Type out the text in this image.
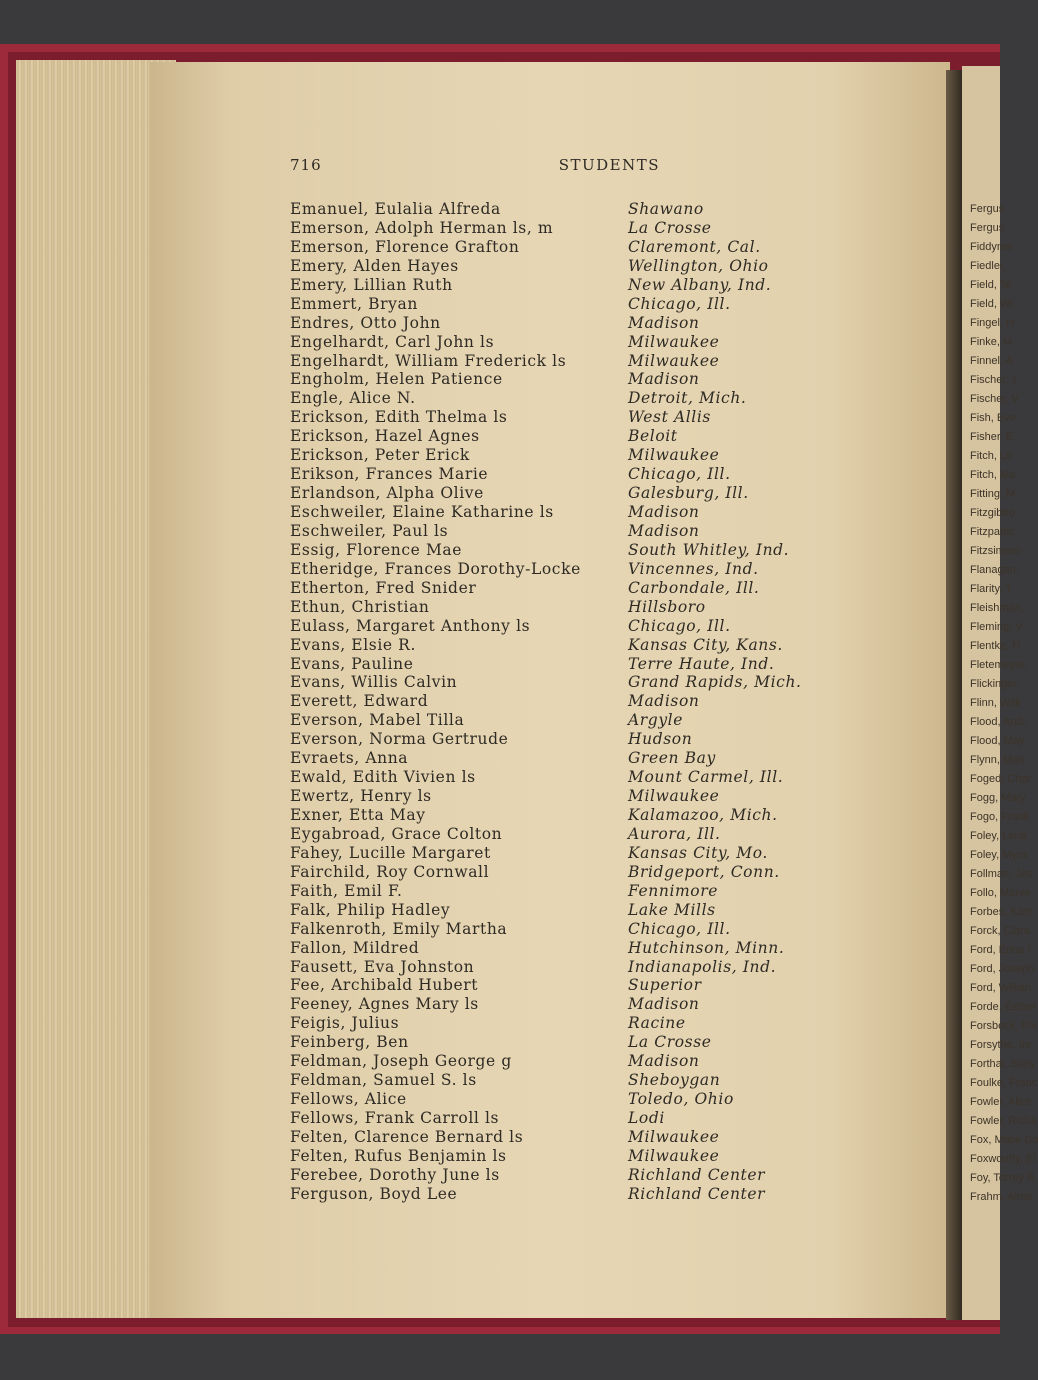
716	STUDENTS
Emanuel, Eulalia Alfreda	Shawano
Emerson, Adolph Herman ls, m	La Crosse
Emerson, Florence Grafton	Claremont, Cal.
Emery, Alden Hayes	Wellington, Ohio
Emery, Lillian Ruth	New Albany, Ind.
Emmert, Bryan	Chicago, Ill.
Endres, Otto John	Madison
Engelhardt, Carl John ls	Milwaukee
Engelhardt, William Frederick ls	Milwaukee
Engholm, Helen Patience	Madison
Engle, Alice N.	Detroit, Mich.
Erickson, Edith Thelma ls	West Allis
Erickson, Hazel Agnes	Beloit
Erickson, Peter Erick	Milwaukee
Erikson, Frances Marie	Chicago, Ill.
Erlandson, Alpha Olive	Galesburg, Ill.
Eschweiler, Elaine Katharine ls	Madison
Eschweiler, Paul ls	Madison
Essig, Florence Mae	South Whitley, Ind.
Etheridge, Frances Dorothy-Locke	Vincennes, Ind.
Etherton, Fred Snider	Carbondale, Ill.
Ethun, Christian	Hillsboro
Eulass, Margaret Anthony ls	Chicago, Ill.
Evans, Elsie R.	Kansas City, Kans.
Evans, Pauline	Terre Haute, Ind.
Evans, Willis Calvin	Grand Rapids, Mich.
Everett, Edward	Madison
Everson, Mabel Tilla	Argyle
Everson, Norma Gertrude	Hudson
Evraets, Anna	Green Bay
Ewald, Edith Vivien ls	Mount Carmel, Ill.
Ewertz, Henry ls	Milwaukee
Exner, Etta May	Kalamazoo, Mich.
Eygabroad, Grace Colton	Aurora, Ill.
Fahey, Lucille Margaret	Kansas City, Mo.
Fairchild, Roy Cornwall	Bridgeport, Conn.
Faith, Emil F.	Fennimore
Falk, Philip Hadley	Lake Mills
Falkenroth, Emily Martha	Chicago, Ill.
Fallon, Mildred	Hutchinson, Minn.
Fausett, Eva Johnston	Indianapolis, Ind.
Fee, Archibald Hubert	Superior
Feeney, Agnes Mary ls	Madison
Feigis, Julius	Racine
Feinberg, Ben	La Crosse
Feldman, Joseph George g	Madison
Feldman, Samuel S. ls	Sheboygan
Fellows, Alice	Toledo, Ohio
Fellows, Frank Carroll ls	Lodi
Felten, Clarence Bernard ls	Milwaukee
Felten, Rufus Benjamin ls	Milwaukee
Ferebee, Dorothy June ls	Richland Center
Ferguson, Boyd Lee	Richland Center
Fergus
Fergus
Fiddyme
Fiedler,
Field, Te
Field, Wi
Fingel, H
Finke, M
Finnel, A
Fischer, J
Fischer, V
Fish, Eve
Fisher, E
Fitch, Lo
Fitch, Ma
Fitting, M
Fitzgibbo
Fitzpatric
Fitzsimmo
Flanagan,
Flarity, T
Fleishman,
Fleming, V
Flentke, H
Fletemeyer,
Flickinger,
Flinn, Willi
Flood, Andr
Flood, May
Flynn, Mari
Foged, Char
Fogg, Mary
Fogo, Frank
Foley, Lena
Foley, Myra
Follman, Jes
Follo, Marve
Forbes, Kath
Forck, Clara
Ford, Edna I
Ford, Joseph
Ford, Willian
Forde, Esther
Forsbeck, Phi
Forsythe, Ire
Forthal, Sony
Foulke, Franc
Fowler, Alice
Fowler, Richa
Fox, Matie Do
Foxworthy, El
Foy, Torrey B
Frahm, Alma
